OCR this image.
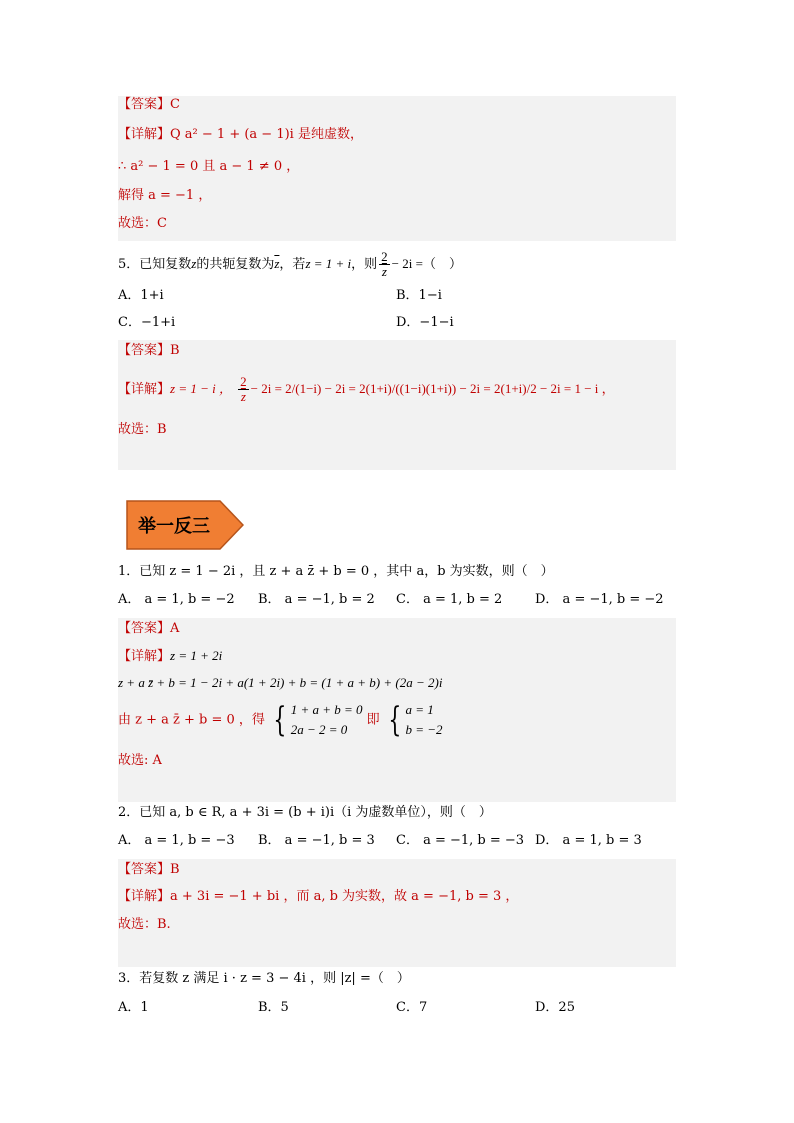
【答案】C
【详解】Q a² − 1 + (a − 1)i 是纯虚数，
∴ a² − 1 = 0 且 a − 1 ≠ 0 ，
解得 a = −1 ，
故选：C
5．已知复数z的共轭复数为$\overline{z}$，若z = 1 + i，则 $\frac{2}{z} - 2i$ =（　）
A．1+i	B．1−i
C．−1+i	D．−1−i
【答案】B
【详解】z = 1 − i ， $\frac{2}{z} - 2i = 2/(1-i) - 2i = 2(1+i)/((1-i)(1+i)) - 2i = 2(1+i)/2 - 2i = 1 - i$ ，
故选：B
举一反三
1．已知 z = 1 − 2i ，且 z + a z̄ + b = 0 ，其中 a，b 为实数，则（　）
A． a = 1, b = −2 B． a = −1, b = 2 C． a = 1, b = 2	D． a = −1, b = −2
【答案】A
【详解】z = 1 + 2i
z + a z̄ + b = 1 − 2i + a(1 + 2i) + b = (1 + a + b) + (2a − 2)i
由 z + a z̄ + b = 0 ，得 { 1 + a + b = 0
2a − 2 = 0
即 { a = 1
b = −2
故选: A
2．已知 a, b ∈ R, a + 3i = (b + i)i（i 为虚数单位），则（　）
A． a = 1, b = −3 B． a = −1, b = 3 C． a = −1, b = −3 D． a = 1, b = 3
【答案】B
【详解】a + 3i = −1 + bi ，而 a, b 为实数，故 a = −1, b = 3 ，
故选：B.
3．若复数 z 满足 i · z = 3 − 4i ，则 |z| =（　）
A．1	B．5	C．7	D．25
